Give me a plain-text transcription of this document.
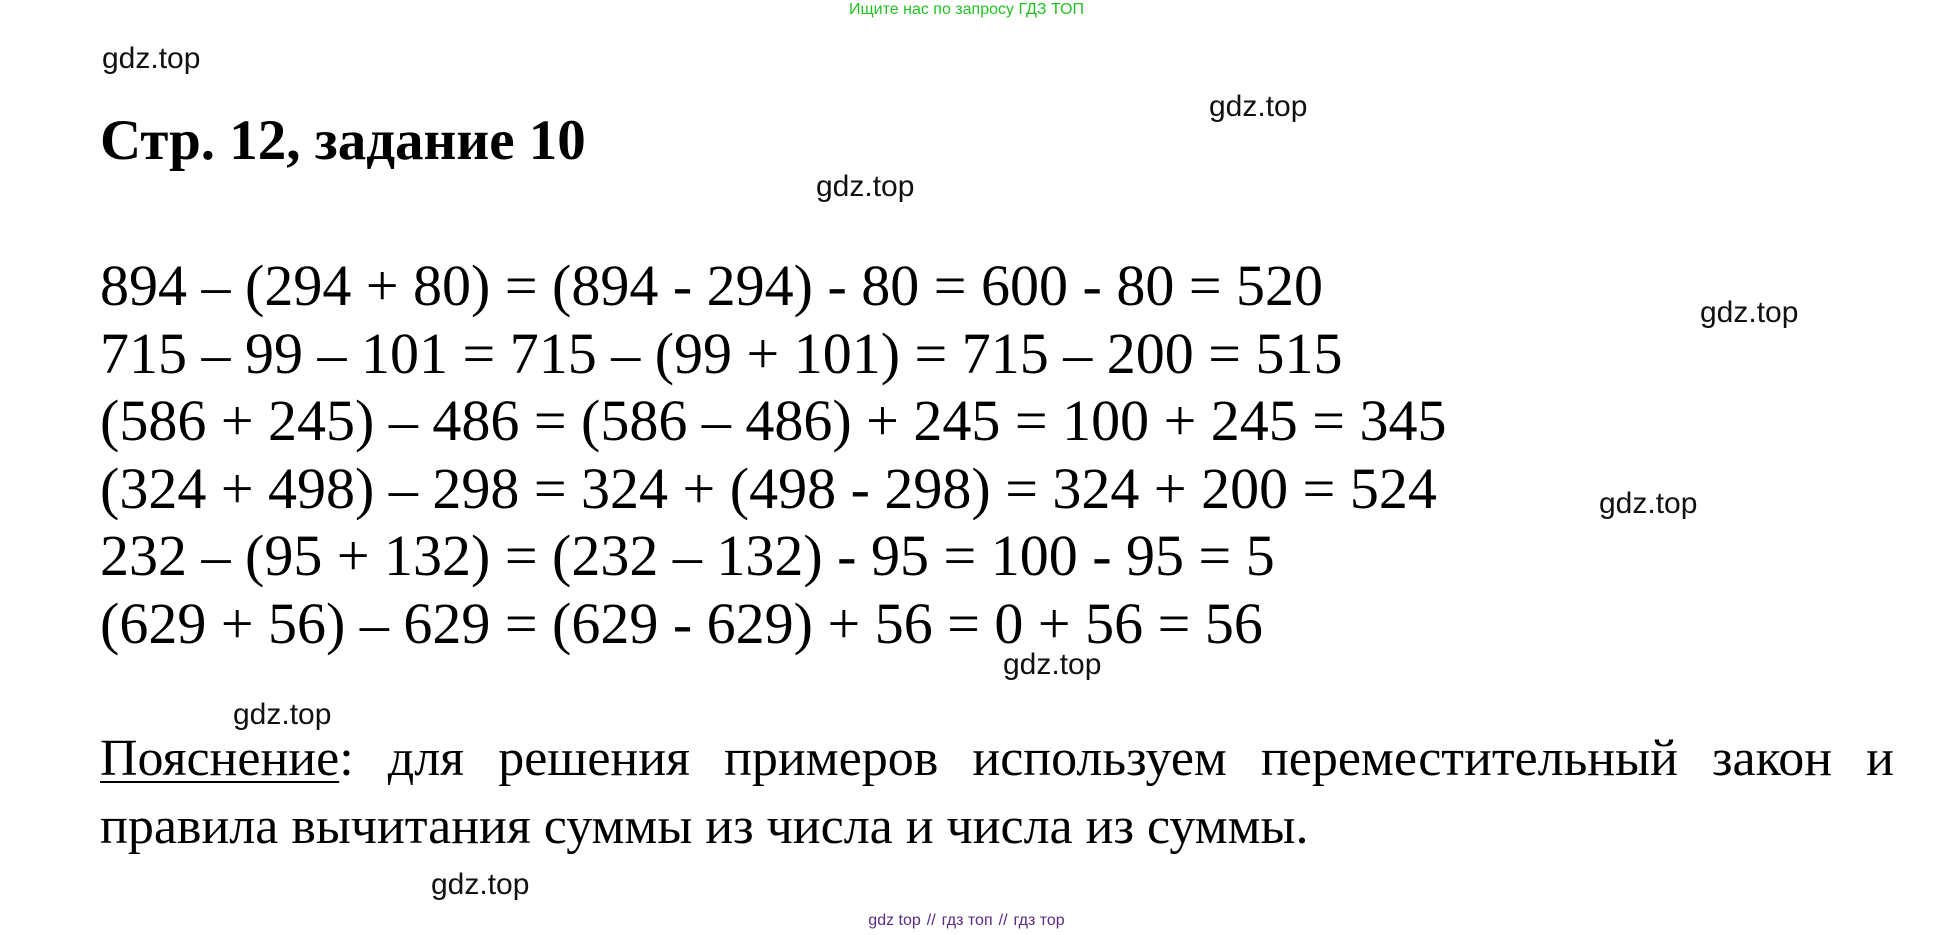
Ищите нас по запросу ГДЗ ТОП
gdz.top
gdz.top
gdz.top
gdz.top
gdz.top
gdz.top
gdz.top
gdz.top
Стр. 12, задание 10
894 – (294 + 80) = (894 - 294) - 80 = 600 - 80 = 520
715 – 99 – 101 = 715 – (99 + 101) = 715 – 200 = 515
(586 + 245) – 486 = (586 – 486) + 245 = 100 + 245 = 345
(324 + 498) – 298 = 324 + (498 - 298) = 324 + 200 = 524
232 – (95 + 132) = (232 – 132) - 95 = 100 - 95 = 5
(629 + 56) – 629 = (629 - 629) + 56 = 0 + 56 = 56
Пояснение: для решения примеров используем переместительный закон и правила вычитания суммы из числа и числа из суммы.
gdz top // гдз топ // гдз тор
